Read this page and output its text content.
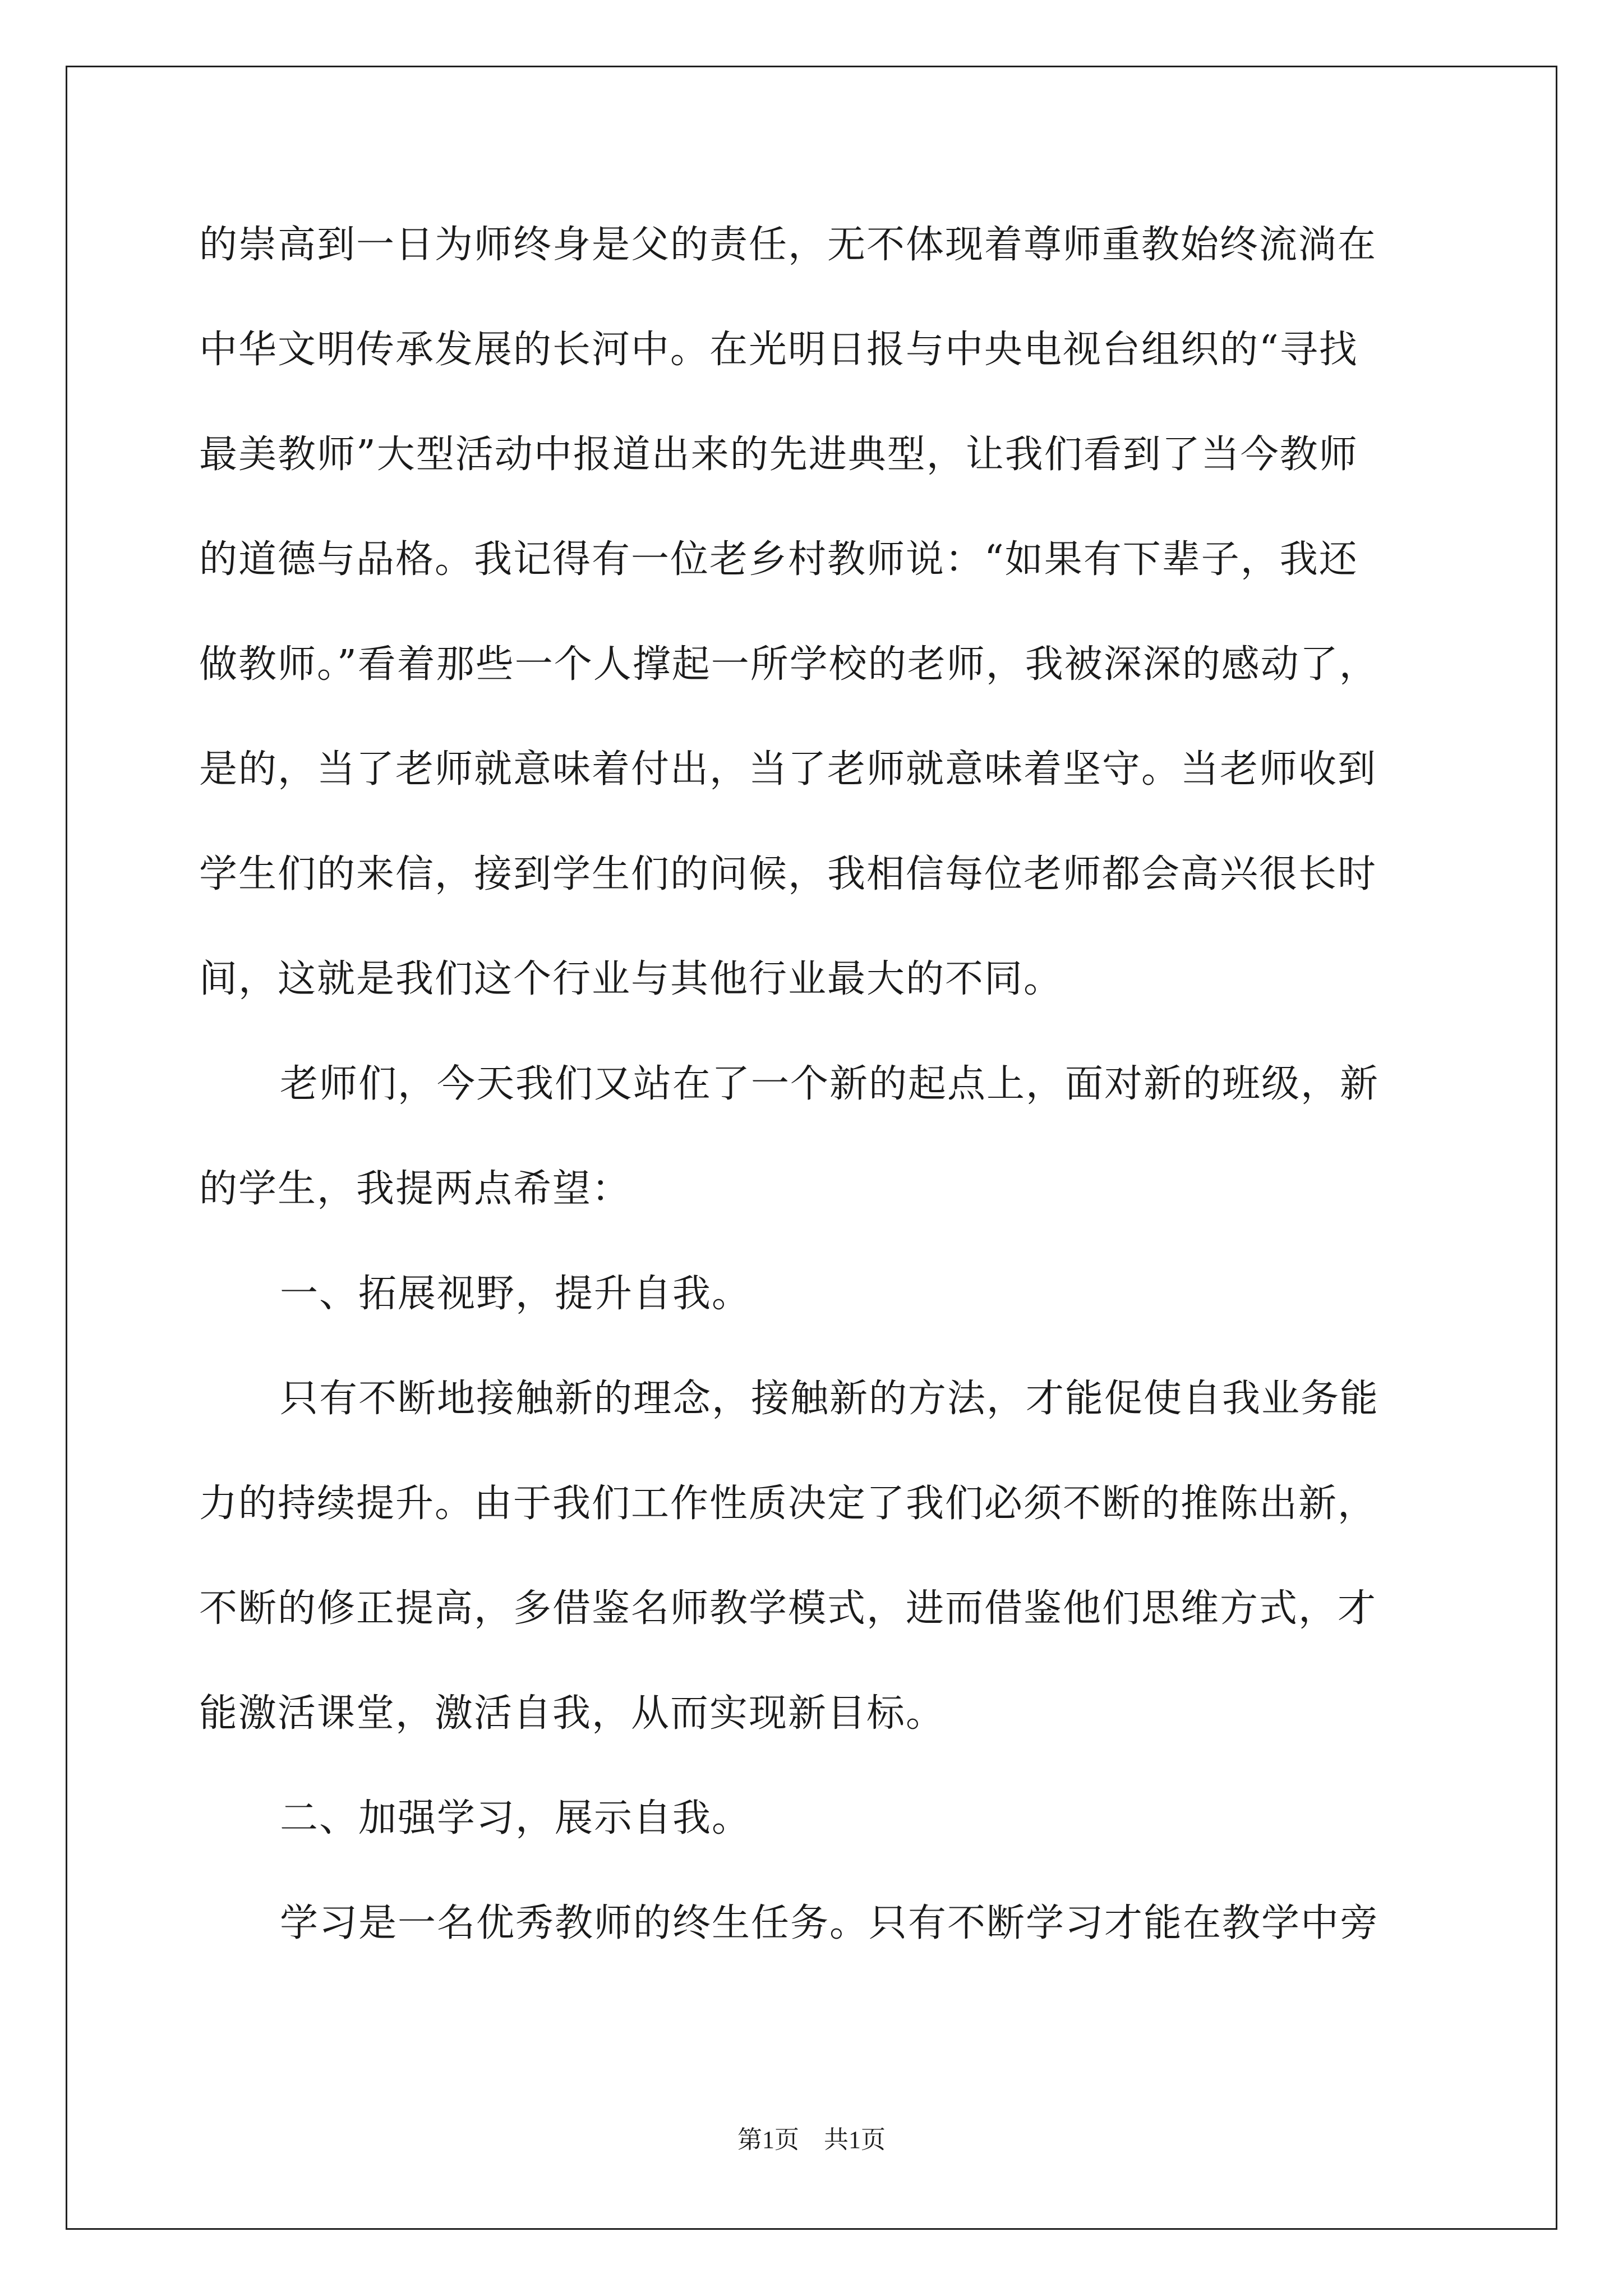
的崇高到一日为师终身是父的责任，无不体现着尊师重教始终流淌在
中华文明传承发展的长河中。在光明日报与中央电视台组织的“寻找
最美教师”大型活动中报道出来的先进典型，让我们看到了当今教师
的道德与品格。我记得有一位老乡村教师说：“如果有下辈子，我还
做教师。”看着那些一个人撑起一所学校的老师，我被深深的感动了，
是的，当了老师就意味着付出，当了老师就意味着坚守。当老师收到
学生们的来信，接到学生们的问候，我相信每位老师都会高兴很长时
间，这就是我们这个行业与其他行业最大的不同。
老师们，今天我们又站在了一个新的起点上，面对新的班级，新
的学生，我提两点希望：
一、拓展视野，提升自我。
只有不断地接触新的理念，接触新的方法，才能促使自我业务能
力的持续提升。由于我们工作性质决定了我们必须不断的推陈出新，
不断的修正提高，多借鉴名师教学模式，进而借鉴他们思维方式，才
能激活课堂，激活自我，从而实现新目标。
二、加强学习，展示自我。
学习是一名优秀教师的终生任务。只有不断学习才能在教学中旁
第1页　 共1页
